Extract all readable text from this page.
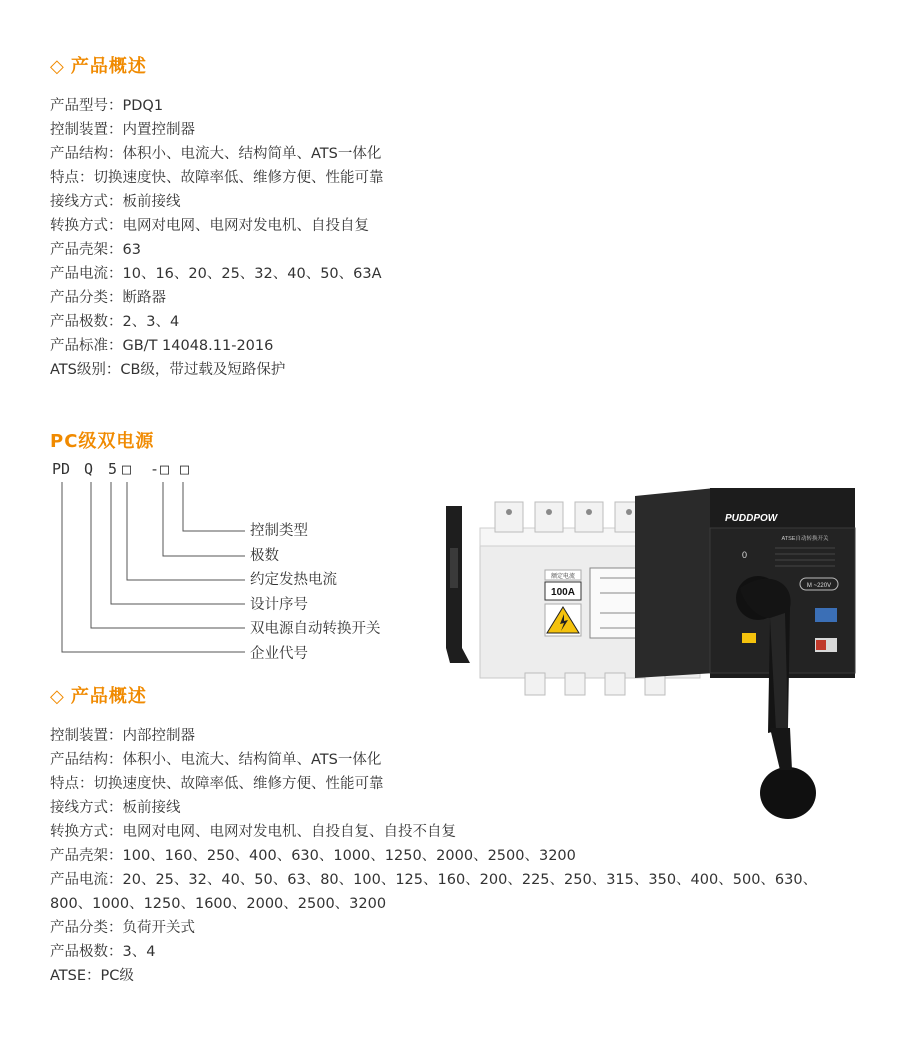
◇ 产品概述
产品型号：PDQ1
控制装置：内置控制器
产品结构：体积小、电流大、结构简单、ATS一体化
特点：切换速度快、故障率低、维修方便、性能可靠
接线方式：板前接线
转换方式：电网对电网、电网对发电机、自投自复
产品壳架：63
产品电流：10、16、20、25、32、40、50、63A
产品分类：断路器
产品极数：2、3、4
产品标准：GB/T 14048.11-2016
ATS级别：CB级，带过载及短路保护
PC级双电源
PD Q 5 □ - □ □
控制类型
极数
约定发热电流
设计序号
双电源自动转换开关
企业代号
额定电流
100A
PUDDPOW
ATSE自动转换开关
0
M ~220V
◇ 产品概述
控制装置：内部控制器
产品结构：体积小、电流大、结构简单、ATS一体化
特点：切换速度快、故障率低、维修方便、性能可靠
接线方式：板前接线
转换方式：电网对电网、电网对发电机、自投自复、自投不自复
产品壳架：100、160、250、400、630、1000、1250、2000、2500、3200
产品电流：20、25、32、40、50、63、80、100、125、160、200、225、250、315、350、400、500、630、
800、1000、1250、1600、2000、2500、3200
产品分类：负荷开关式
产品极数：3、4
ATSE：PC级
